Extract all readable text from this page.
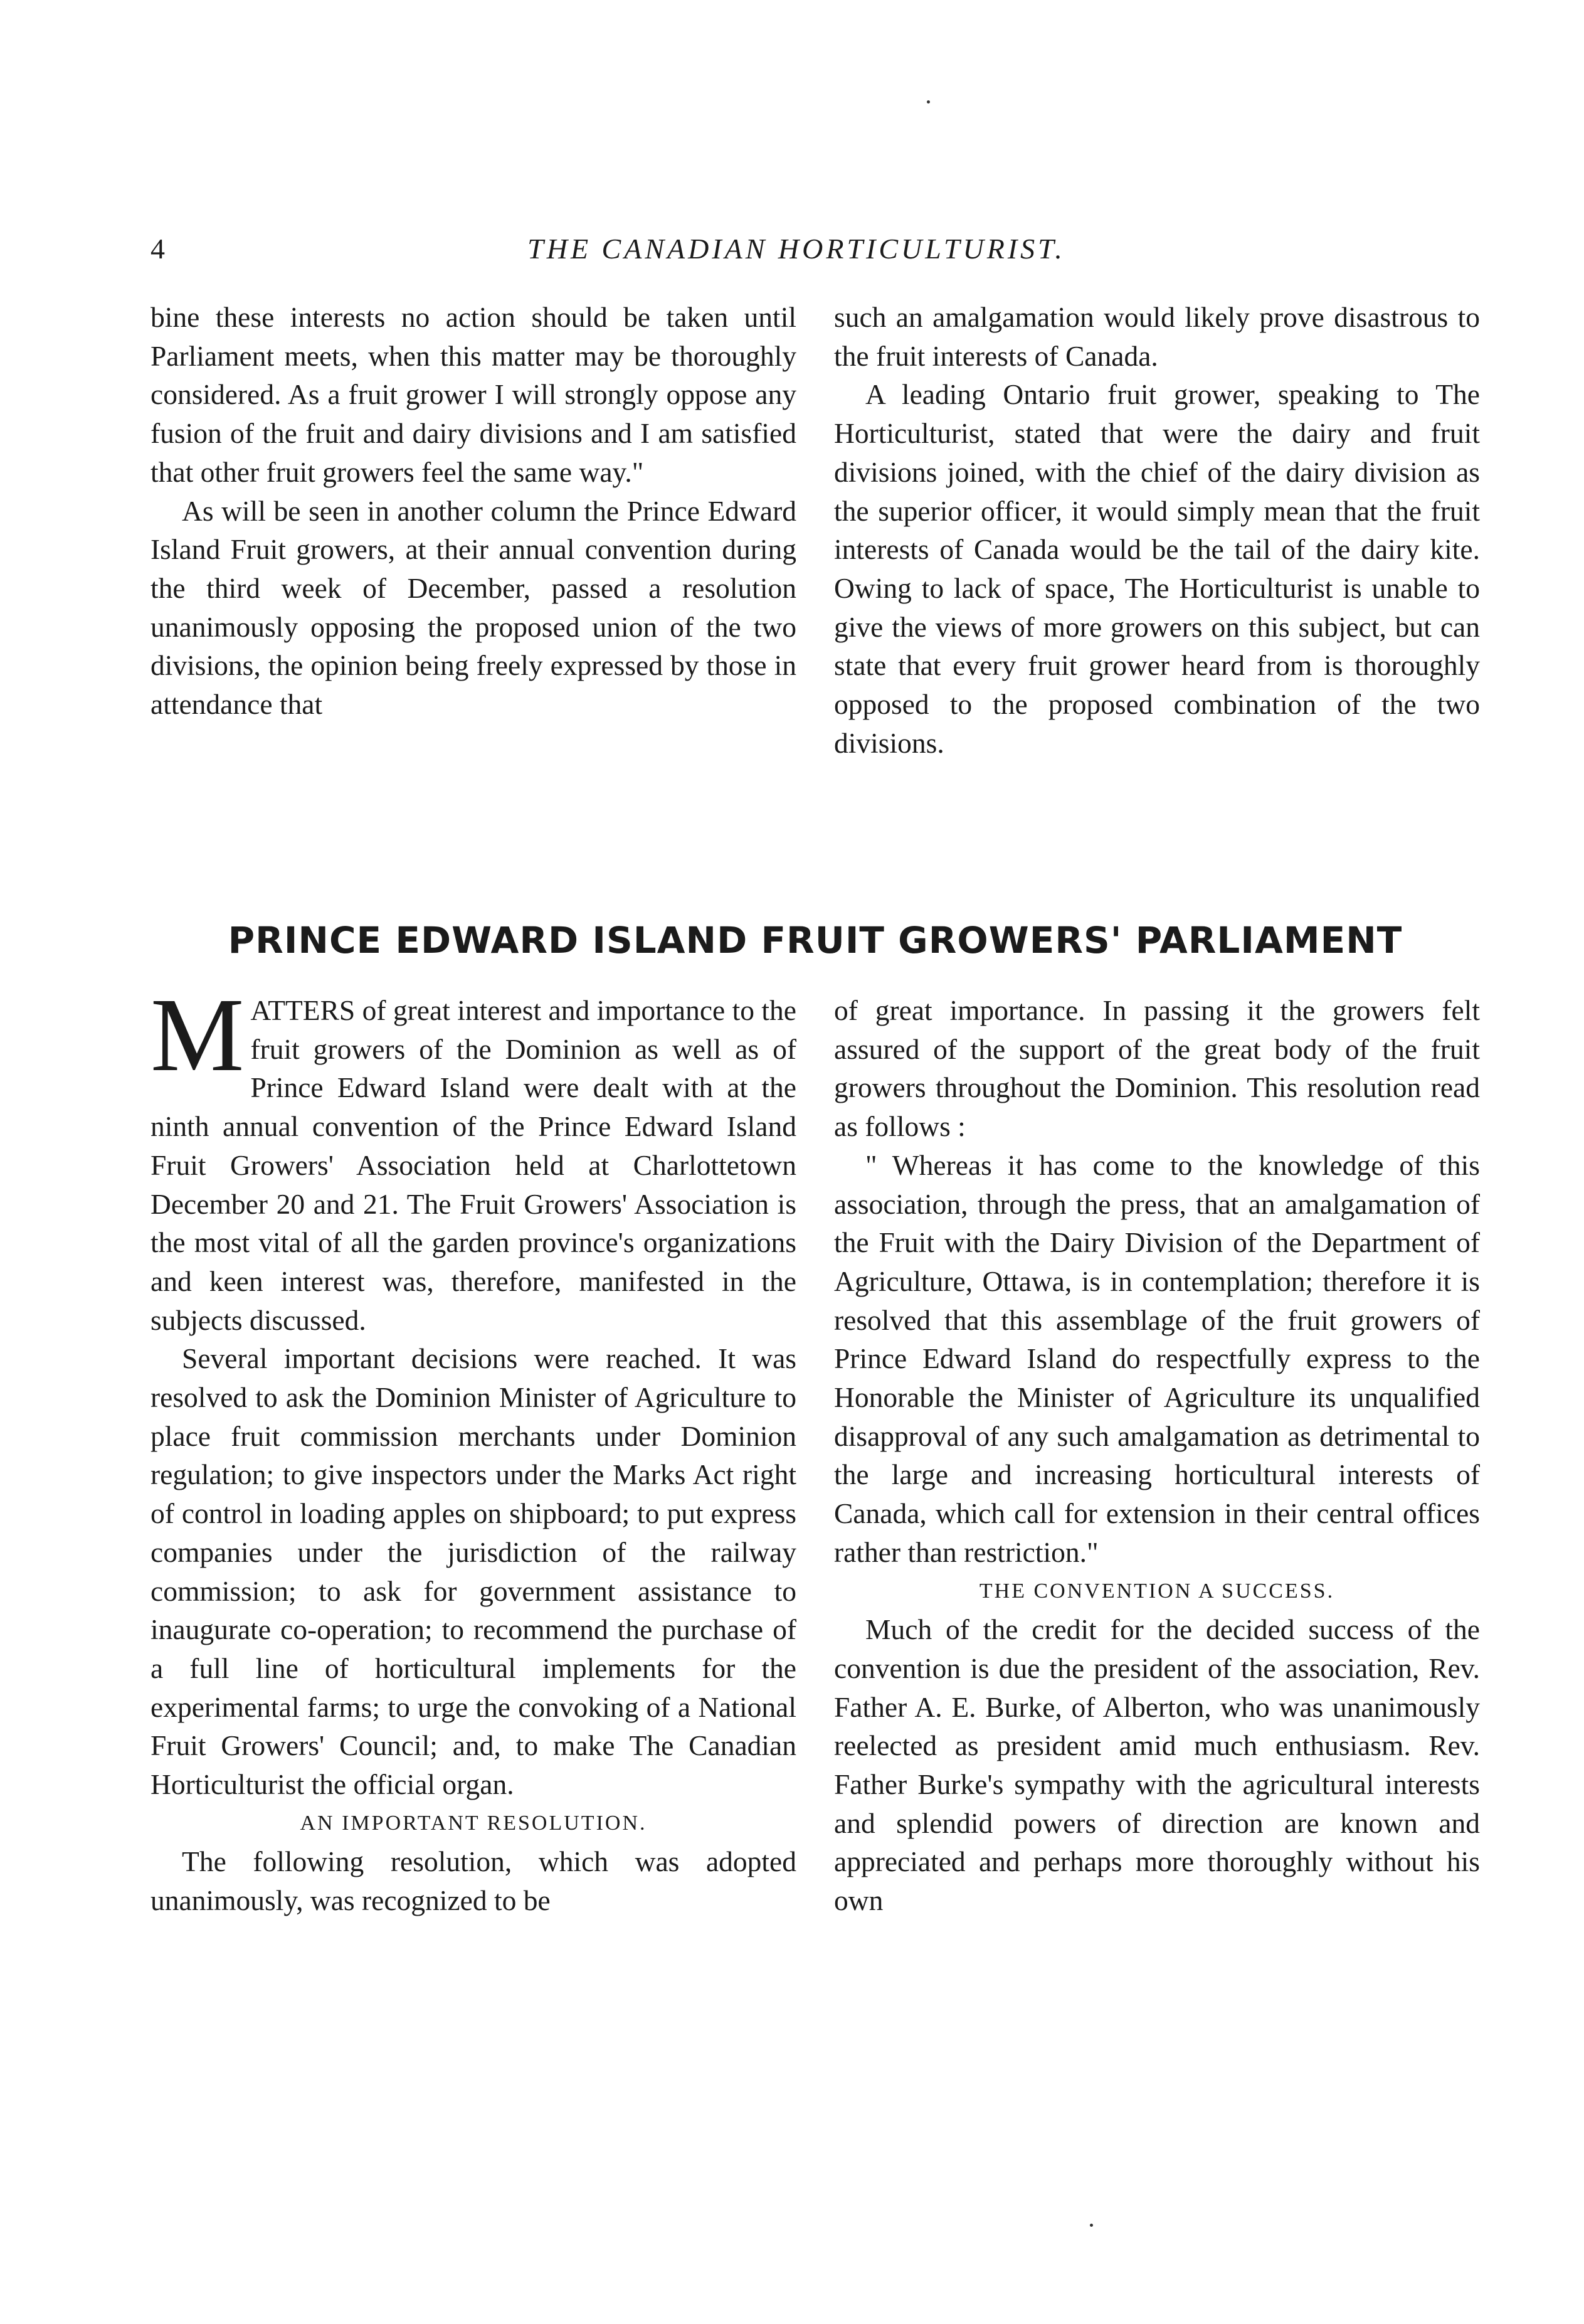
4	THE CANADIAN HORTICULTURIST.

bine these interests no action should be taken until Parliament meets, when this matter may be thoroughly considered. As a fruit grower I will strongly oppose any fusion of the fruit and dairy divisions and I am satisfied that other fruit growers feel the same way."

As will be seen in another column the Prince Edward Island Fruit growers, at their annual convention during the third week of December, passed a resolution unanimously opposing the proposed union of the two divisions, the opinion being freely expressed by those in attendance that

such an amalgamation would likely prove disastrous to the fruit interests of Canada.

A leading Ontario fruit grower, speaking to The Horticulturist, stated that were the dairy and fruit divisions joined, with the chief of the dairy division as the superior officer, it would simply mean that the fruit interests of Canada would be the tail of the dairy kite. Owing to lack of space, The Horticulturist is unable to give the views of more growers on this subject, but can state that every fruit grower heard from is thoroughly opposed to the proposed combination of the two divisions.

PRINCE EDWARD ISLAND FRUIT GROWERS' PARLIAMENT

MATTERS of great interest and importance to the fruit growers of the Dominion as well as of Prince Edward Island were dealt with at the ninth annual convention of the Prince Edward Island Fruit Growers' Association held at Charlottetown December 20 and 21. The Fruit Growers' Association is the most vital of all the garden province's organizations and keen interest was, therefore, manifested in the subjects discussed.

Several important decisions were reached. It was resolved to ask the Dominion Minister of Agriculture to place fruit commission merchants under Dominion regulation; to give inspectors under the Marks Act right of control in loading apples on shipboard; to put express companies under the jurisdiction of the railway commission; to ask for government assistance to inaugurate co-operation; to recommend the purchase of a full line of horticultural implements for the experimental farms; to urge the convoking of a National Fruit Growers' Council; and, to make The Canadian Horticulturist the official organ.

AN IMPORTANT RESOLUTION.

The following resolution, which was adopted unanimously, was recognized to be

of great importance. In passing it the growers felt assured of the support of the great body of the fruit growers throughout the Dominion. This resolution read as follows :

" Whereas it has come to the knowledge of this association, through the press, that an amalgamation of the Fruit with the Dairy Division of the Department of Agriculture, Ottawa, is in contemplation; therefore it is resolved that this assemblage of the fruit growers of Prince Edward Island do respectfully express to the Honorable the Minister of Agriculture its unqualified disapproval of any such amalgamation as detrimental to the large and increasing horticultural interests of Canada, which call for extension in their central offices rather than restriction."

THE CONVENTION A SUCCESS.

Much of the credit for the decided success of the convention is due the president of the association, Rev. Father A. E. Burke, of Alberton, who was unanimously reelected as president amid much enthusiasm. Rev. Father Burke's sympathy with the agricultural interests and splendid powers of direction are known and appreciated and perhaps more thoroughly without his own
